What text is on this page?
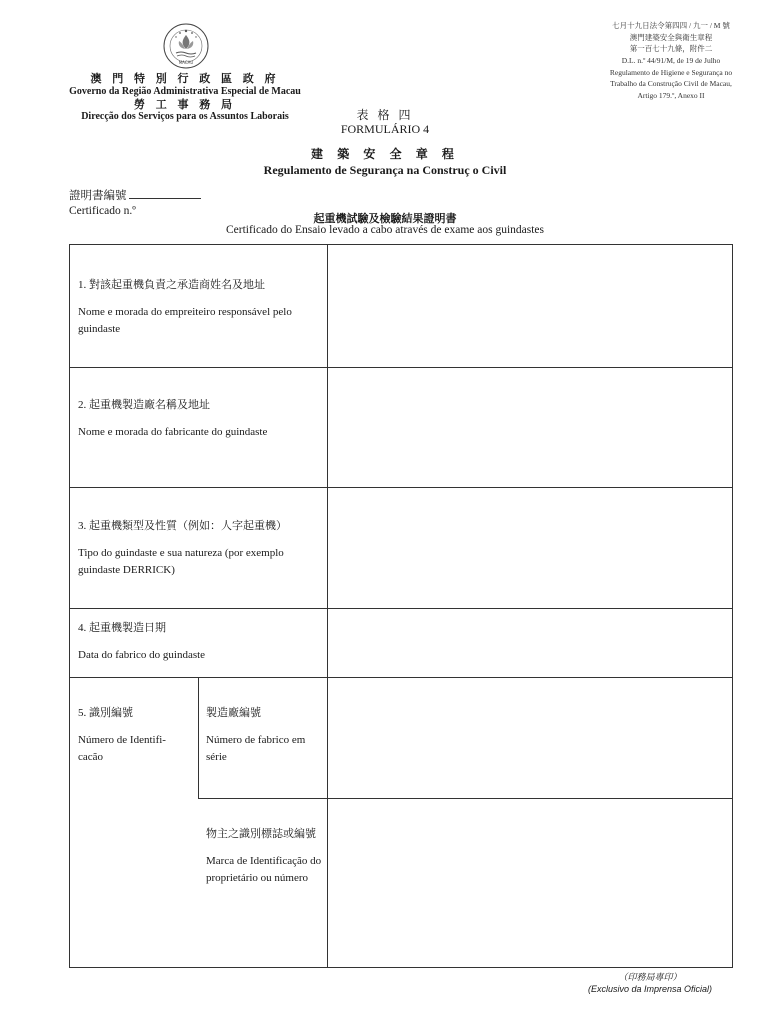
MACAU
澳 門 特 別 行 政 區 政 府
Governo da Região Administrativa Especial de Macau
勞 工 事 務 局
Direcção dos Serviços para os Assuntos Laborais
七月十九日法令第四四 / 九一 / M 號
澳門建築安全與衛生章程
第一百七十九條，附件二
D.L. n.º 44/91/M, de 19 de Julho
Regulamento de Higiene e Segurança no
Trabalho da Construção Civil de Macau,
Artigo 179.º, Anexo II
表 格 四
FORMULÁRIO 4
建 築 安 全 章 程
Regulamento de Segurança na Construç o Civil
證明書編號
Certificado n.º
起重機試驗及檢驗結果證明書
Certificado do Ensaio levado a cabo através de exame aos guindastes
1. 對該起重機負責之承造商姓名及地址
Nome e morada do empreiteiro responsável pelo
guindaste
2. 起重機製造廠名稱及地址
Nome e morada do fabricante do guindaste
3. 起重機類型及性質（例如：人字起重機）
Tipo do guindaste e sua natureza (por exemplo
guindaste DERRICK)
4. 起重機製造日期
Data do fabrico do guindaste
5. 識別編號
Número de Identifi-
cacão
製造廠編號
Número de fabrico em
série
物主之識別標誌或編號
Marca de Identificação do
proprietário ou número
（印務局專印）
(Exclusivo da Imprensa Oficial)
